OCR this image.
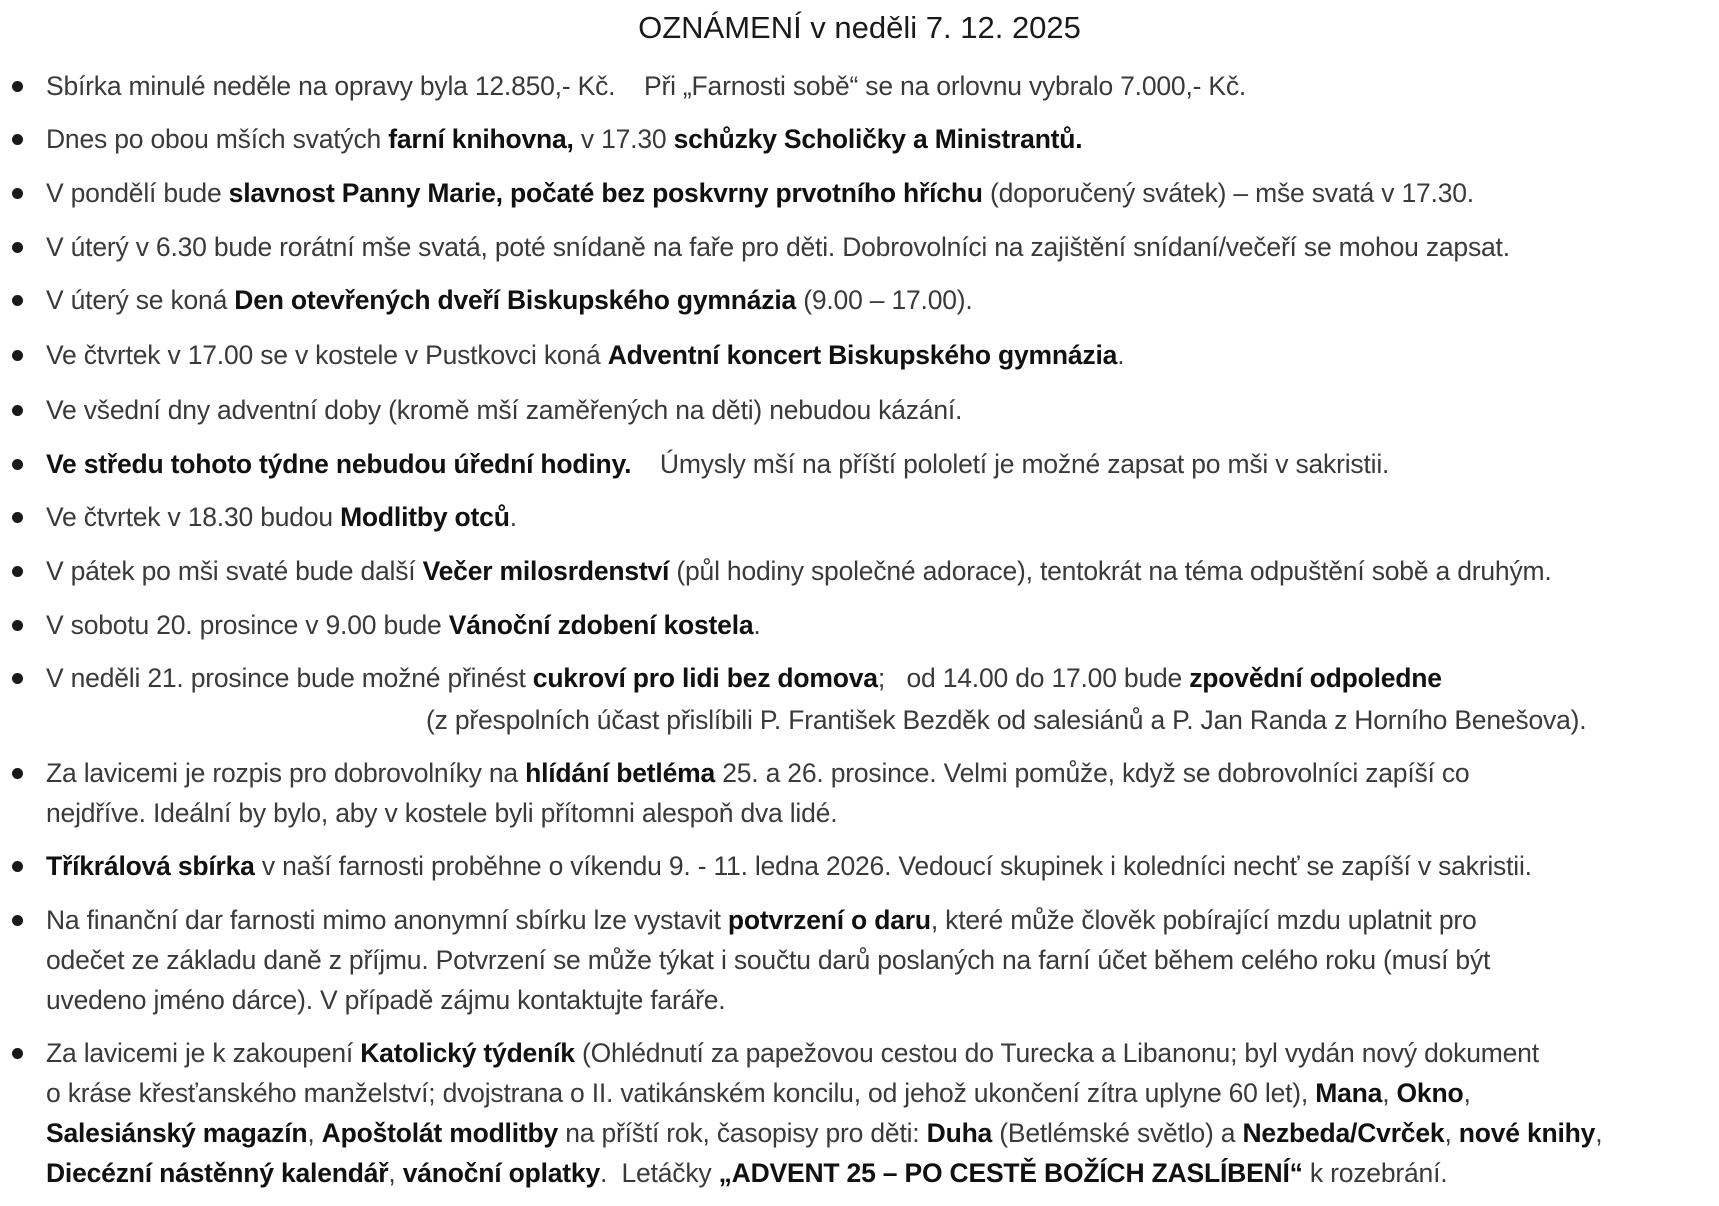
OZNÁMENÍ v neděli 7. 12. 2025
Sbírka minulé neděle na opravy byla 12.850,- Kč.    Při „Farnosti sobě“ se na orlovnu vybralo 7.000,- Kč.
Dnes po obou mších svatých farní knihovna, v 17.30 schůzky Scholičky a Ministrantů.
V pondělí bude slavnost Panny Marie, počaté bez poskvrny prvotního hříchu (doporučený svátek) – mše svatá v 17.30.
V úterý v 6.30 bude rorátní mše svatá, poté snídaně na faře pro děti. Dobrovolníci na zajištění snídaní/večeří se mohou zapsat.
V úterý se koná Den otevřených dveří Biskupského gymnázia (9.00 – 17.00).
Ve čtvrtek v 17.00 se v kostele v Pustkovci koná Adventní koncert Biskupského gymnázia.
Ve všední dny adventní doby (kromě mší zaměřených na děti) nebudou kázání.
Ve středu tohoto týdne nebudou úřední hodiny.    Úmysly mší na příští pololetí je možné zapsat po mši v sakristii.
Ve čtvrtek v 18.30 budou Modlitby otců.
V pátek po mši svaté bude další Večer milosrdenství (půl hodiny společné adorace), tentokrát na téma odpuštění sobě a druhým.
V sobotu 20. prosince v 9.00 bude Vánoční zdobení kostela.
V neděli 21. prosince bude možné přinést cukroví pro lidi bez domova;   od 14.00 do 17.00 bude zpovědní odpoledne
(z přespolních účast přislíbili P. František Bezděk od salesiánů a P. Jan Randa z Horního Benešova).
Za lavicemi je rozpis pro dobrovolníky na hlídání betléma 25. a 26. prosince. Velmi pomůže, když se dobrovolníci zapíší co
nejdříve. Ideální by bylo, aby v kostele byli přítomni alespoň dva lidé.
Tříkrálová sbírka v naší farnosti proběhne o víkendu 9. - 11. ledna 2026. Vedoucí skupinek i koledníci nechť se zapíší v sakristii.
Na finanční dar farnosti mimo anonymní sbírku lze vystavit potvrzení o daru, které může člověk pobírající mzdu uplatnit pro
odečet ze základu daně z příjmu. Potvrzení se může týkat i součtu darů poslaných na farní účet během celého roku (musí být
uvedeno jméno dárce). V případě zájmu kontaktujte faráře.
Za lavicemi je k zakoupení Katolický týdeník (Ohlédnutí za papežovou cestou do Turecka a Libanonu; byl vydán nový dokument
o kráse křesťanského manželství; dvojstrana o II. vatikánském koncilu, od jehož ukončení zítra uplyne 60 let), Mana, Okno,
Salesiánský magazín, Apoštolát modlitby na příští rok, časopisy pro děti: Duha (Betlémské světlo) a Nezbeda/Cvrček, nové knihy,
Diecézní nástěnný kalendář, vánoční oplatky.  Letáčky „ADVENT 25 – PO CESTĚ BOŽÍCH ZASLÍBENÍ“ k rozebrání.
